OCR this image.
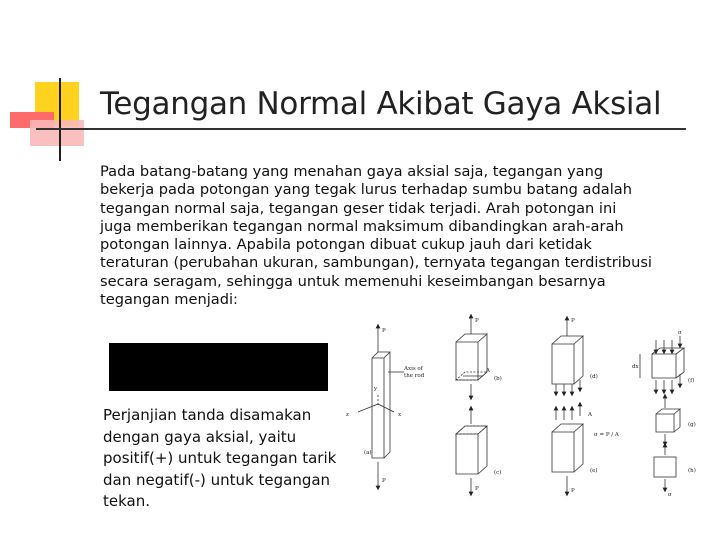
Tegangan Normal Akibat Gaya Aksial
Pada batang-batang yang menahan gaya aksial saja, tegangan yang
bekerja pada potongan yang tegak lurus terhadap sumbu batang adalah
tegangan normal saja, tegangan geser tidak terjadi. Arah potongan ini
juga memberikan tegangan normal maksimum dibandingkan arah-arah
potongan lainnya. Apabila potongan dibuat cukup jauh dari ketidak
teraturan (perubahan ukuran, sambungan), ternyata tegangan terdistribusi
secara seragam, sehingga untuk memenuhi keseimbangan besarnya
tegangan menjadi:
Perjanjian tanda disamakan
dengan gaya aksial, yaitu
positif(+) untuk tegangan tarik
dan negatif(-) untuk tegangan
tekan.
Axis of
the rod
P
P
x
y
z
(a)
(b)
(c)
(d)
(e)
(f)
(g)
(h)
P
P
P
P
A
A
σ = P / A
σ
σ
dx
